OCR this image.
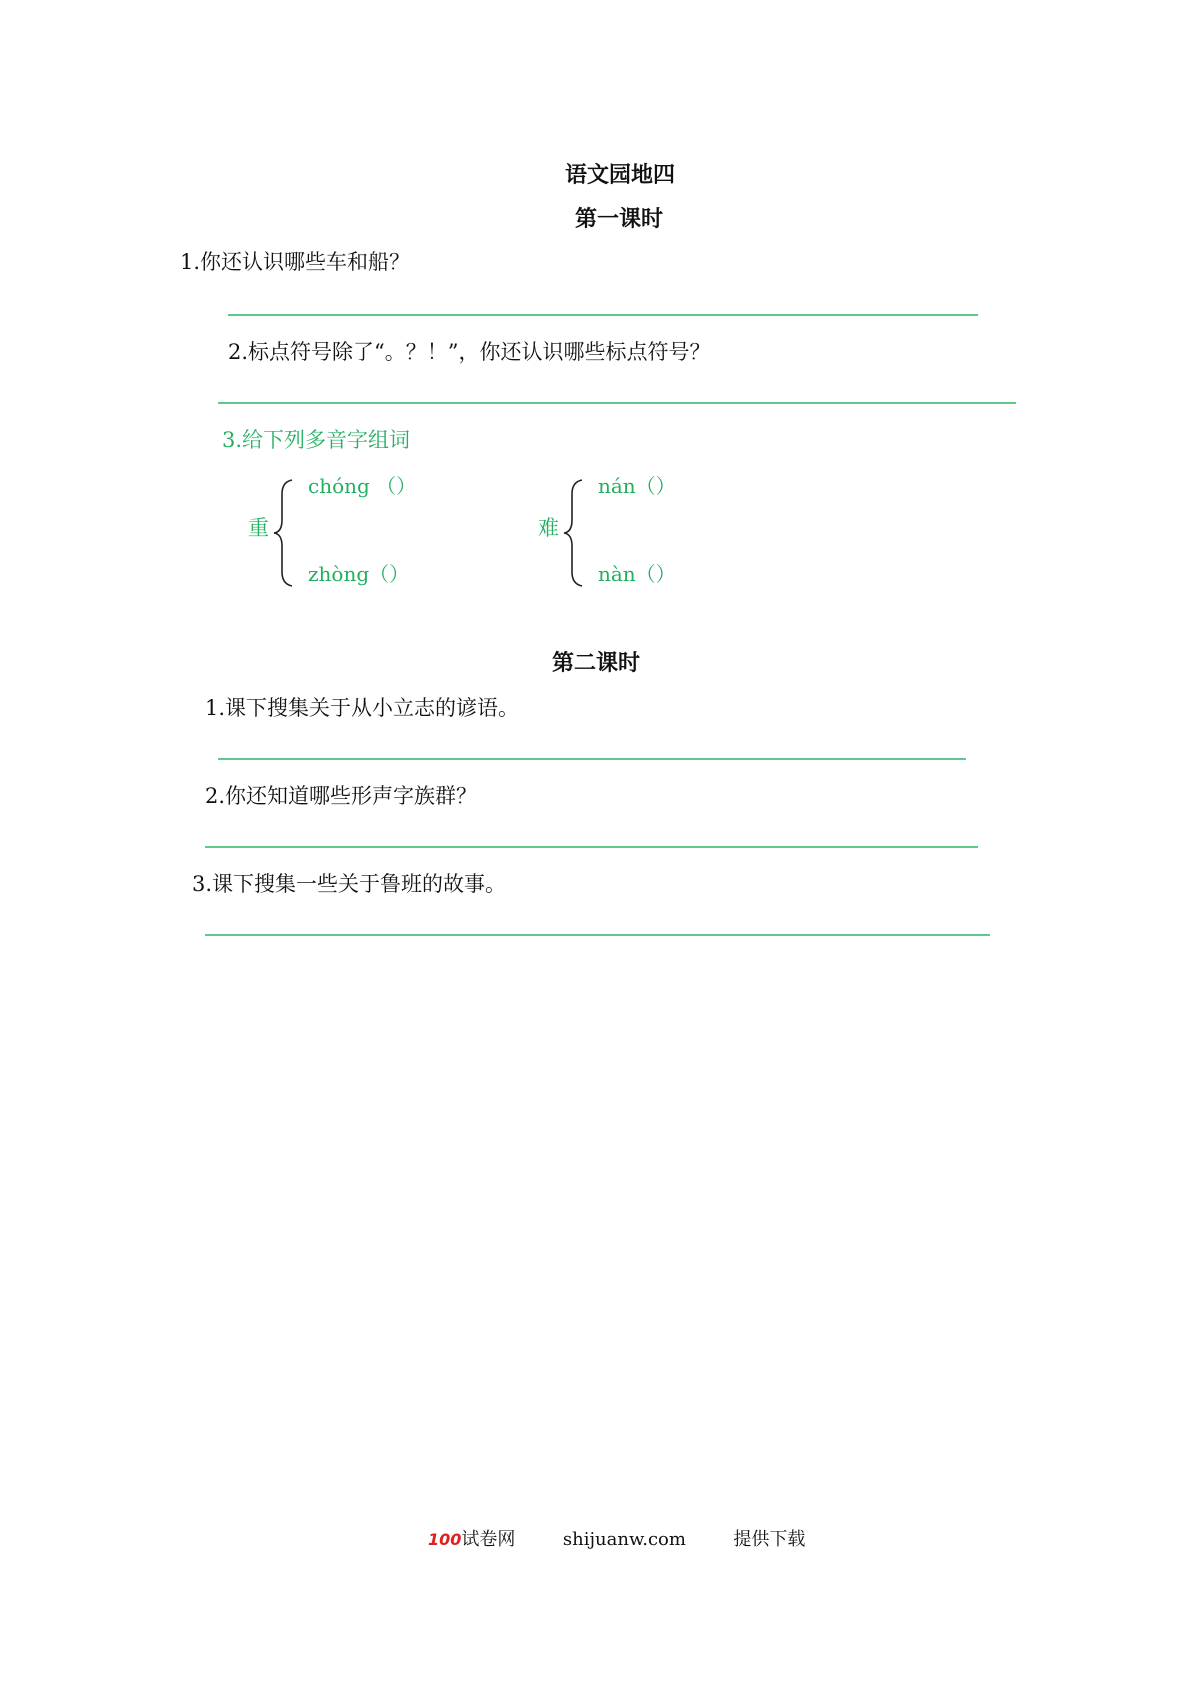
语文园地四
第一课时
1.你还认识哪些车和船？
2.标点符号除了“。？！”，你还认识哪些标点符号？
3.给下列多音字组词
重
chóng （）
zhòng（）
难
nán（）
nàn（）
第二课时
1.课下搜集关于从小立志的谚语。
2.你还知道哪些形声字族群？
3.课下搜集一些关于鲁班的故事。
100试卷网	shijuanw.com	提供下载
